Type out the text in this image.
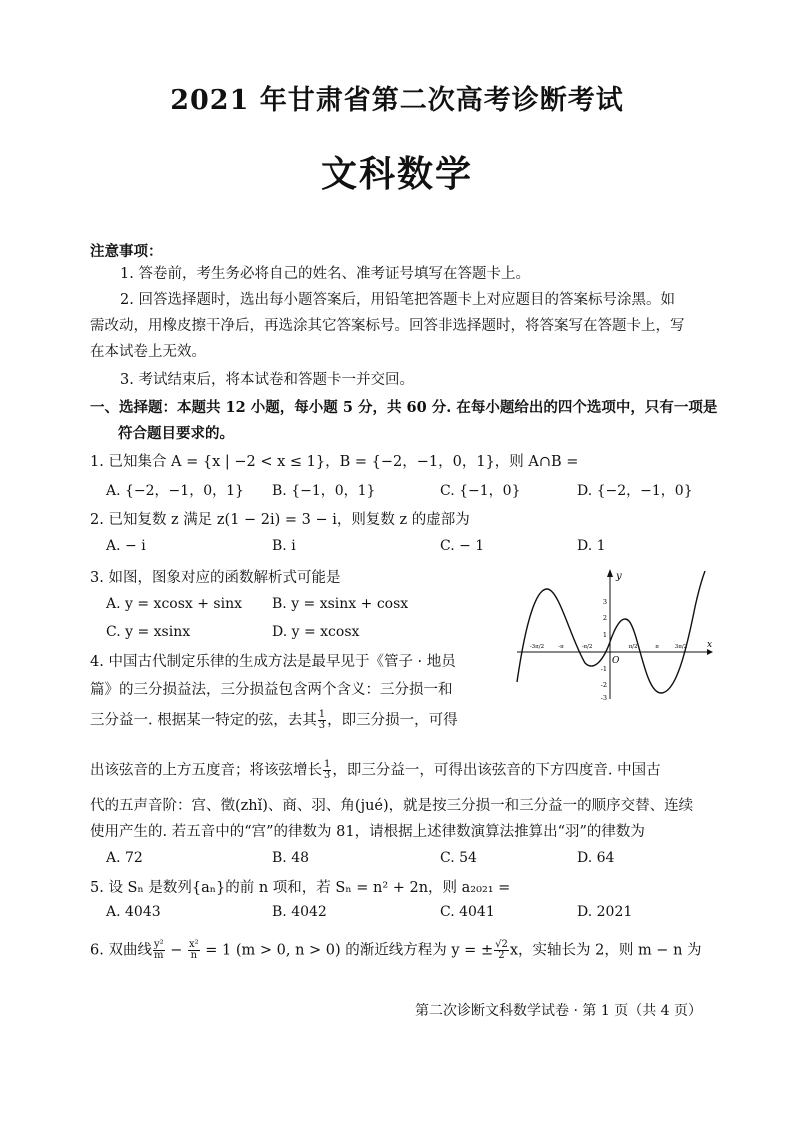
2021 年甘肃省第二次高考诊断考试
文科数学
注意事项：
1. 答卷前，考生务必将自己的姓名、准考证号填写在答题卡上。
2. 回答选择题时，选出每小题答案后，用铅笔把答题卡上对应题目的答案标号涂黑。如
需改动，用橡皮擦干净后，再选涂其它答案标号。回答非选择题时，将答案写在答题卡上，写
在本试卷上无效。
3. 考试结束后，将本试卷和答题卡一并交回。
一、选择题：本题共 12 小题，每小题 5 分，共 60 分. 在每小题给出的四个选项中，只有一项是
符合题目要求的。
1. 已知集合 A = {x | −2 < x ≤ 1}，B = {−2，−1，0，1}，则 A∩B =
A. {−2，−1，0，1} B. {−1，0，1}	C. {−1，0}	D. {−2，−1，0}
2. 已知复数 z 满足 z(1 − 2i) = 3 − i，则复数 z 的虚部为
A. − i	B. i	C. − 1	D. 1
3. 如图，图象对应的函数解析式可能是
A. y = xcosx + sinx B. y = xsinx + cosx
C. y = xsinx	D. y = xcosx
y
x
O
3
2
1
-1
-2
-3
-3π/2	-π	-π/2	π/2	π	3π/2
4. 中国古代制定乐律的生成方法是最早见于《管子 · 地员
篇》的三分损益法，三分损益包含两个含义：三分损一和
三分益一. 根据某一特定的弦，去其 $\frac{1}{3}$ ，即三分损一，可得
出该弦音的上方五度音；将该弦增长 $\frac{1}{3}$ ，即三分益一，可得出该弦音的下方四度音. 中国古
代的五声音阶：宫、徵(zhǐ)、商、羽、角(jué)，就是按三分损一和三分益一的顺序交替、连续
使用产生的. 若五音中的“宫”的律数为 81，请根据上述律数演算法推算出“羽”的律数为
A. 72	B. 48	C. 54	D. 64
5. 设 Sₙ 是数列{aₙ}的前 n 项和，若 Sₙ = n² + 2n，则 a₂₀₂₁ =
A. 4043	B. 4042	C. 4041	D. 2021
6. 双曲线 $\frac{\text{y²}}{m} - \frac{\text{x²}}{n} = 1$ (m > 0, n > 0) 的渐近线方程为 y = ± $\frac{√2}{2}$ x，实轴长为 2，则 m − n 为
第二次诊断文科数学试卷 · 第 1 页（共 4 页）
